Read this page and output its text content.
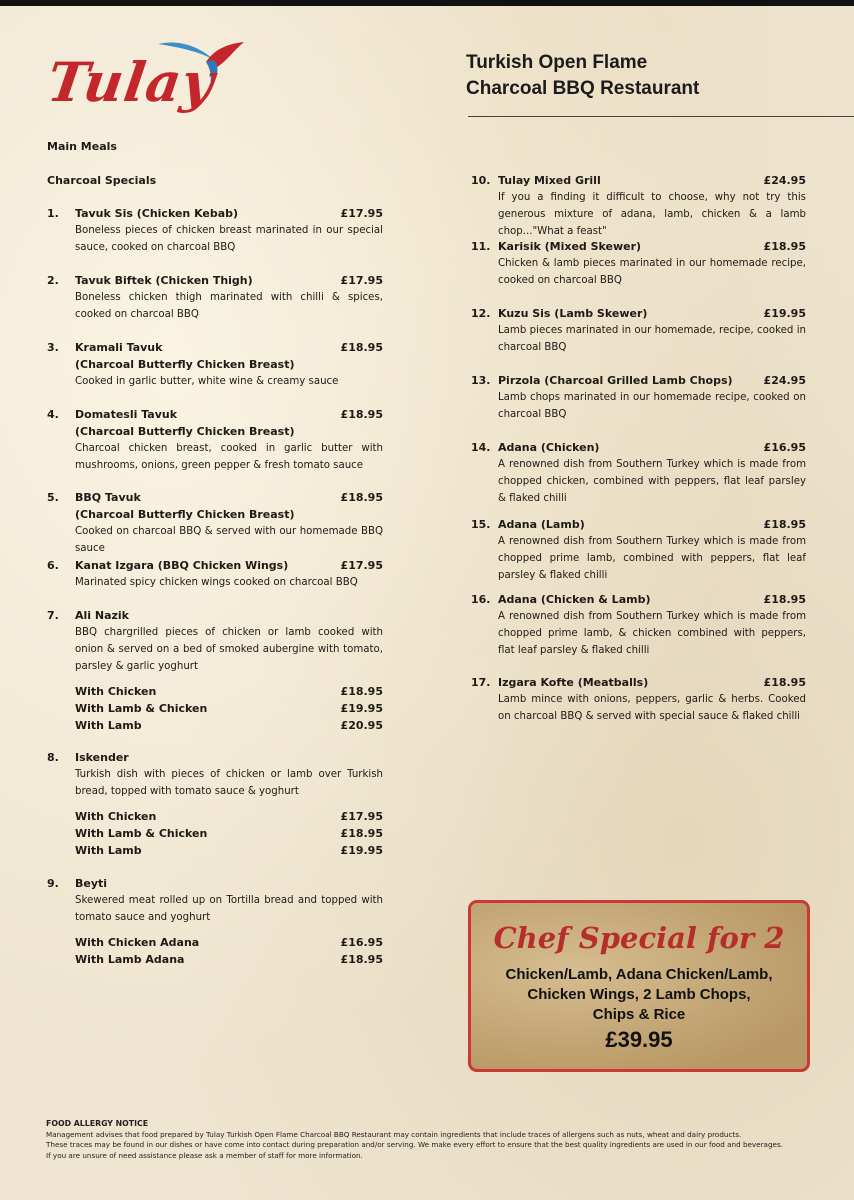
Tulay	Turkish Open Flame
Charcoal BBQ Restaurant
Main Meals
Charcoal Specials
1. Tavuk Sis (Chicken Kebab)	£17.95
Boneless pieces of chicken breast marinated in our special sauce, cooked on charcoal BBQ
2. Tavuk Biftek (Chicken Thigh)	£17.95
Boneless chicken thigh marinated with chilli & spices, cooked on charcoal BBQ
3. Kramali Tavuk	£18.95
(Charcoal Butterfly Chicken Breast)
Cooked in garlic butter, white wine & creamy sauce
4. Domatesli Tavuk	£18.95
(Charcoal Butterfly Chicken Breast)
Charcoal chicken breast, cooked in garlic butter with mushrooms, onions, green pepper & fresh tomato sauce
5. BBQ Tavuk	£18.95
(Charcoal Butterfly Chicken Breast)
Cooked on charcoal BBQ & served with our homemade BBQ sauce
6. Kanat Izgara (BBQ Chicken Wings)	£17.95
Marinated spicy chicken wings cooked on charcoal BBQ
7. Ali Nazik
BBQ chargrilled pieces of chicken or lamb cooked with onion & served on a bed of smoked aubergine with tomato, parsley & garlic yoghurt
With Chicken	£18.95
With Lamb & Chicken	£19.95
With Lamb	£20.95
8. Iskender
Turkish dish with pieces of chicken or lamb over Turkish bread, topped with tomato sauce & yoghurt
With Chicken	£17.95
With Lamb & Chicken	£18.95
With Lamb	£19.95
9. Beyti
Skewered meat rolled up on Tortilla bread and topped with tomato sauce and yoghurt
With Chicken Adana	£16.95
With Lamb Adana	£18.95
10. Tulay Mixed Grill	£24.95
If you a finding it difficult to choose, why not try this generous mixture of adana, lamb, chicken & a lamb chop..."What a feast"
11. Karisik (Mixed Skewer)	£18.95
Chicken & lamb pieces marinated in our homemade recipe, cooked on charcoal BBQ
12. Kuzu Sis (Lamb Skewer)	£19.95
Lamb pieces marinated in our homemade, recipe, cooked in charcoal BBQ
13. Pirzola (Charcoal Grilled Lamb Chops)	£24.95
Lamb chops marinated in our homemade recipe, cooked on charcoal BBQ
14. Adana (Chicken)	£16.95
A renowned dish from Southern Turkey which is made from chopped chicken, combined with peppers, flat leaf parsley & flaked chilli
15. Adana (Lamb)	£18.95
A renowned dish from Southern Turkey which is made from chopped prime lamb, combined with peppers, flat leaf parsley & flaked chilli
16. Adana (Chicken & Lamb)	£18.95
A renowned dish from Southern Turkey which is made from chopped prime lamb, & chicken combined with peppers, flat leaf parsley & flaked chilli
17. Izgara Kofte (Meatballs)	£18.95
Lamb mince with onions, peppers, garlic & herbs. Cooked on charcoal BBQ & served with special sauce & flaked chilli
Chef Special for 2
Chicken/Lamb, Adana Chicken/Lamb,
Chicken Wings, 2 Lamb Chops,
Chips & Rice
£39.95
FOOD ALLERGY NOTICE
Management advises that food prepared by Tulay Turkish Open Flame Charcoal BBQ Restaurant may contain ingredients that include traces of allergens such as nuts, wheat and dairy products.
These traces may be found in our dishes or have come into contact during preparation and/or serving. We make every effort to ensure that the best quality ingredients are used in our food and beverages.
If you are unsure of need assistance please ask a member of staff for more information.
